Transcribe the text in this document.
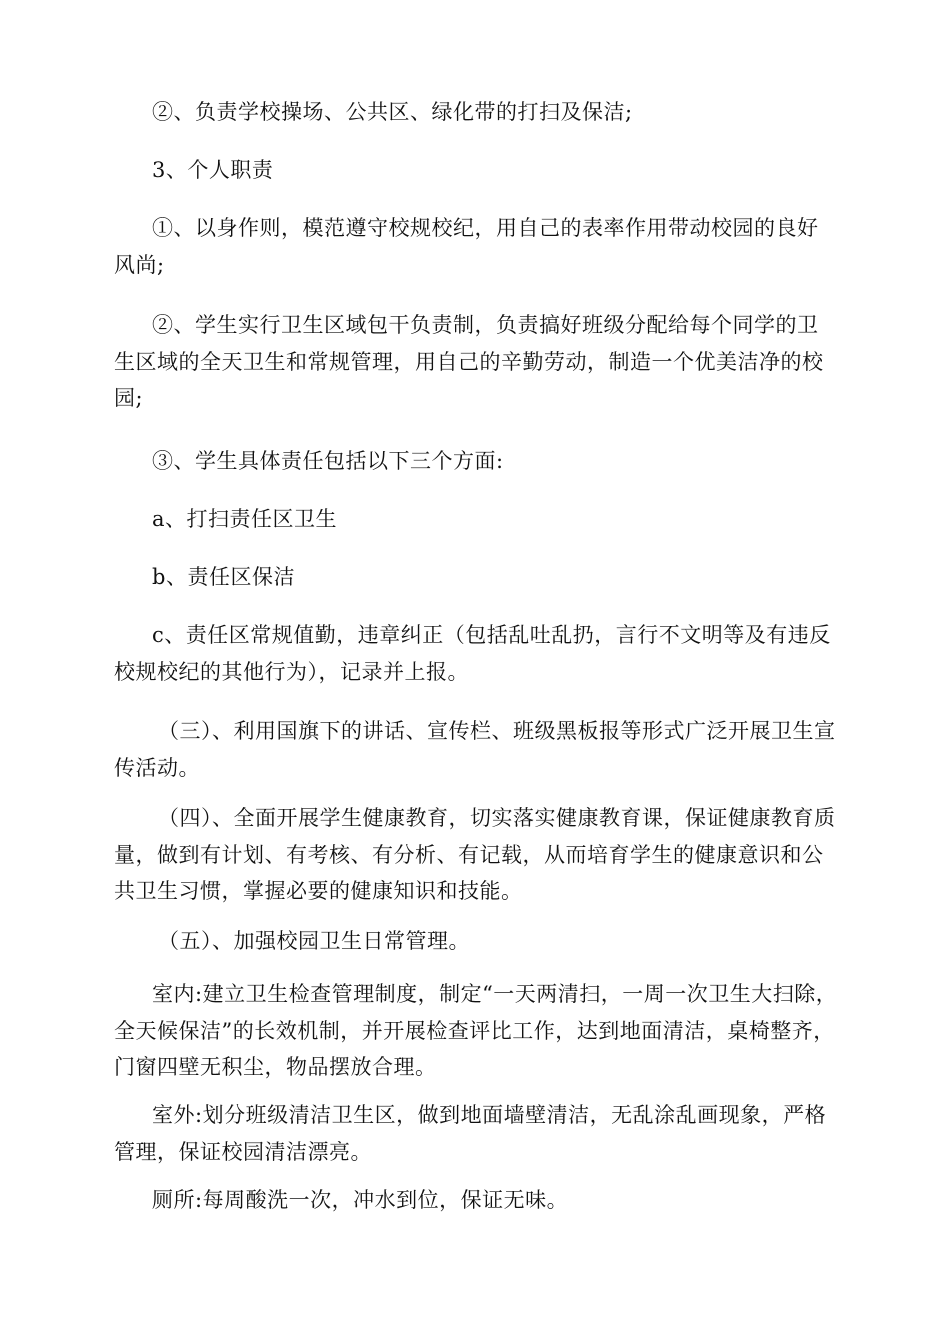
②、负责学校操场、公共区、绿化带的打扫及保洁;

3、个人职责

①、以身作则，模范遵守校规校纪，用自己的表率作用带动校园的良好风尚;

②、学生实行卫生区域包干负责制，负责搞好班级分配给每个同学的卫生区域的全天卫生和常规管理，用自己的辛勤劳动，制造一个优美洁净的校园;

③、学生具体责任包括以下三个方面:

a、打扫责任区卫生

b、责任区保洁

c、责任区常规值勤，违章纠正（包括乱吐乱扔，言行不文明等及有违反校规校纪的其他行为），记录并上报。

（三）、利用国旗下的讲话、宣传栏、班级黑板报等形式广泛开展卫生宣传活动。

（四）、全面开展学生健康教育，切实落实健康教育课，保证健康教育质量，做到有计划、有考核、有分析、有记载，从而培育学生的健康意识和公共卫生习惯，掌握必要的健康知识和技能。

（五）、加强校园卫生日常管理。

室内:建立卫生检查管理制度，制定“一天两清扫，一周一次卫生大扫除，全天候保洁”的长效机制，并开展检查评比工作，达到地面清洁，桌椅整齐，门窗四壁无积尘，物品摆放合理。

室外:划分班级清洁卫生区，做到地面墙壁清洁，无乱涂乱画现象，严格管理，保证校园清洁漂亮。

厕所:每周酸洗一次，冲水到位，保证无味。
